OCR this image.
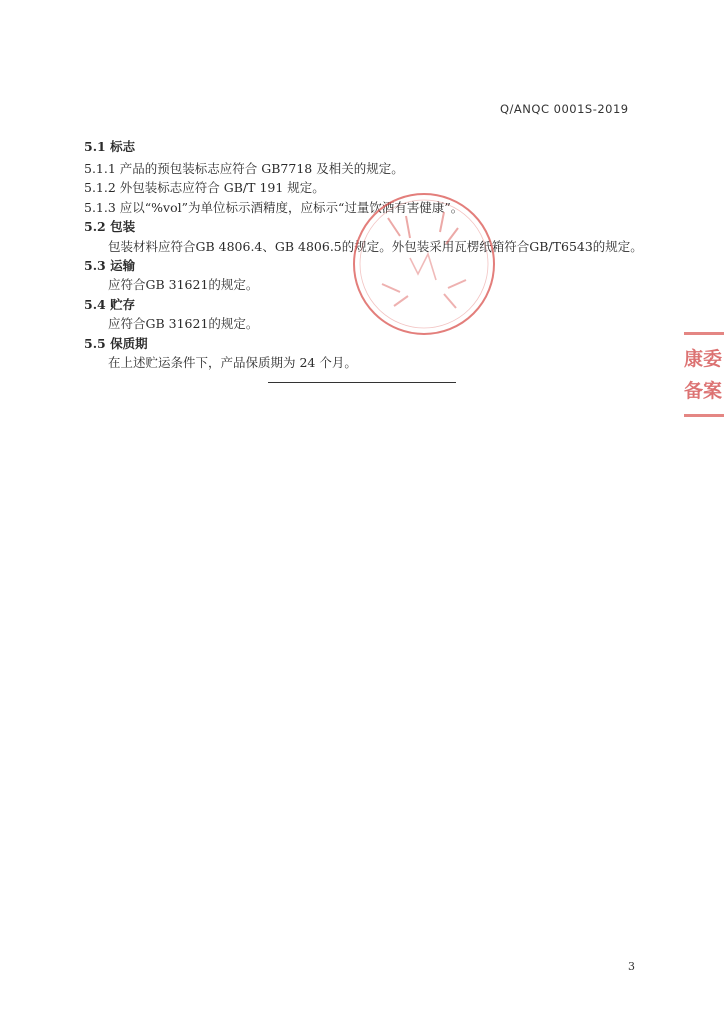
Q/ANQC 0001S-2019
5.1 标志
5.1.1 产品的预包装标志应符合 GB7718 及相关的规定。
5.1.2 外包装标志应符合 GB/T 191 规定。
5.1.3 应以“%vol”为单位标示酒精度，应标示“过量饮酒有害健康”。
5.2 包装
包装材料应符合GB 4806.4、GB 4806.5的规定。外包装采用瓦楞纸箱符合GB/T6543的规定。
5.3 运输
应符合GB 31621的规定。
5.4 贮存
应符合GB 31621的规定。
5.5 保质期
在上述贮运条件下，产品保质期为 24 个月。	康委
备案
3
